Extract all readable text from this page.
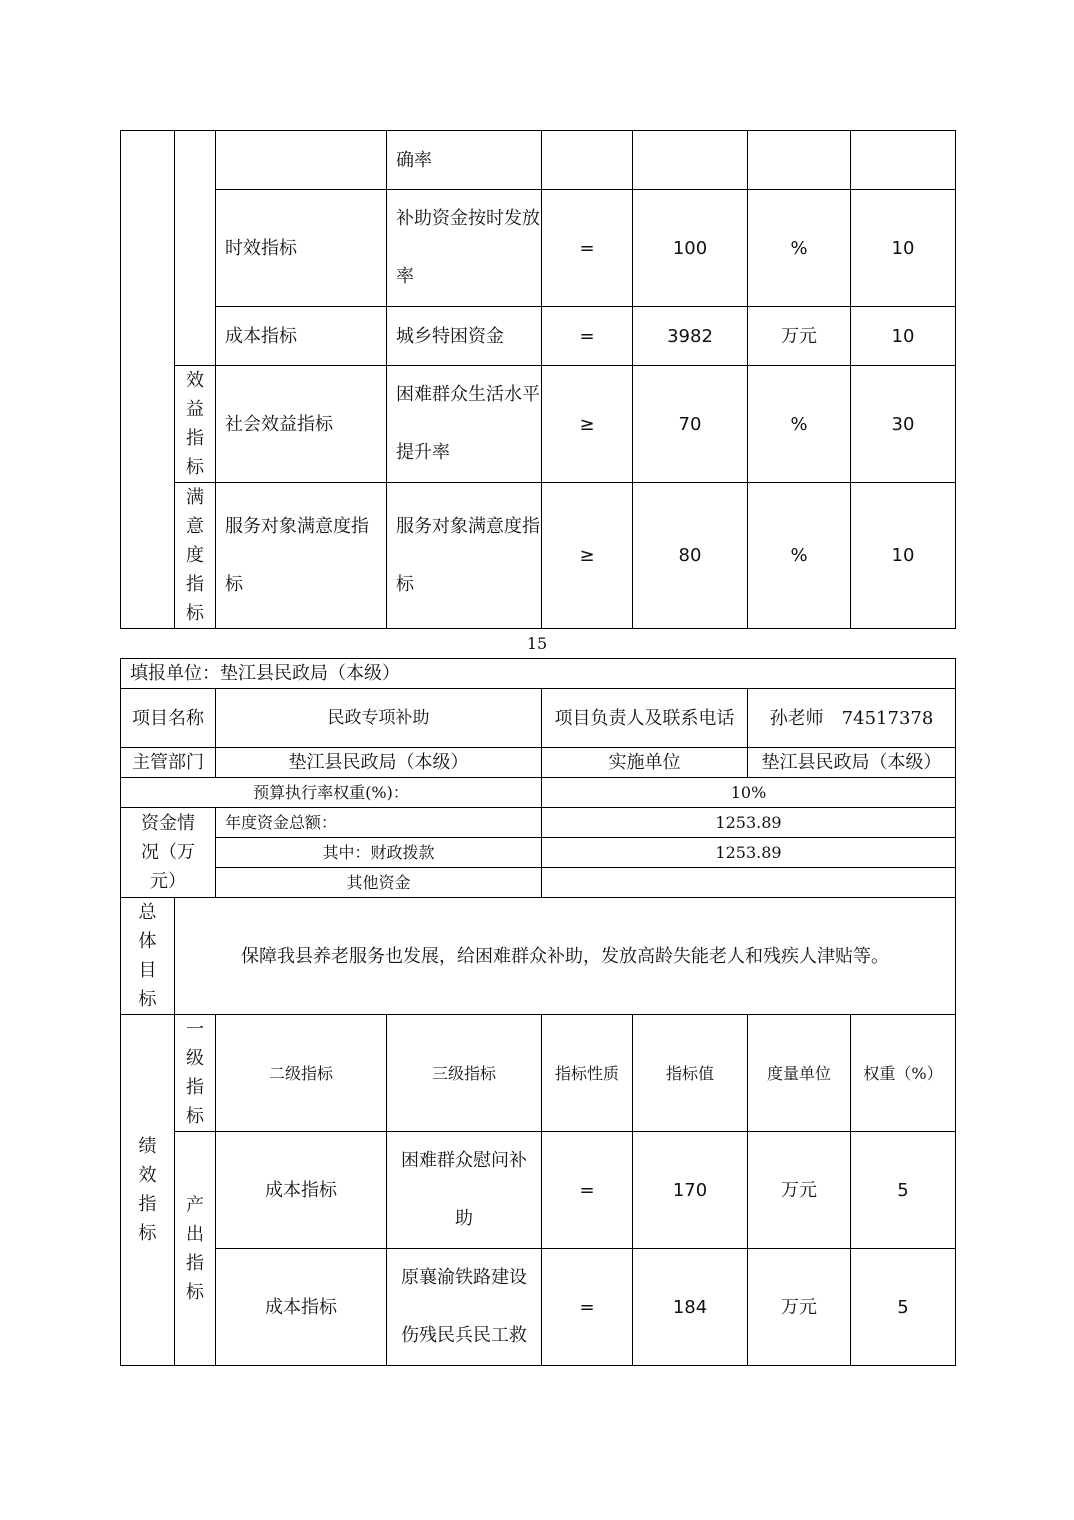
			确率				
		时效指标	补助资金按时发放率	=	100	%	10
		成本指标	城乡特困资金	=	3982	万元	10
	效益指标	社会效益指标	困难群众生活水平提升率	≥	70	%	30
	满意度指标	服务对象满意度指标	服务对象满意度指标	≥	80	%	10
15
填报单位：垫江县民政局（本级）							
项目名称		民政专项补助		项目负责人及联系电话		孙老师　74517378	
主管部门		垫江县民政局（本级）		实施单位		垫江县民政局（本级）	
预算执行率权重(%)：				10%			
资金情况（万元）		年度资金总额：		1253.89			
		其中：财政拨款		1253.89			
		其他资金					
总体目标	保障我县养老服务也发展，给困难群众补助，发放高龄失能老人和残疾人津贴等。						
绩效指标	一级指标	二级指标	三级指标	指标性质	指标值	度量单位	权重（%）
	产出指标	成本指标	困难群众慰问补助	=	170	万元	5
		成本指标	原襄渝铁路建设伤残民兵民工救	=	184	万元	5
